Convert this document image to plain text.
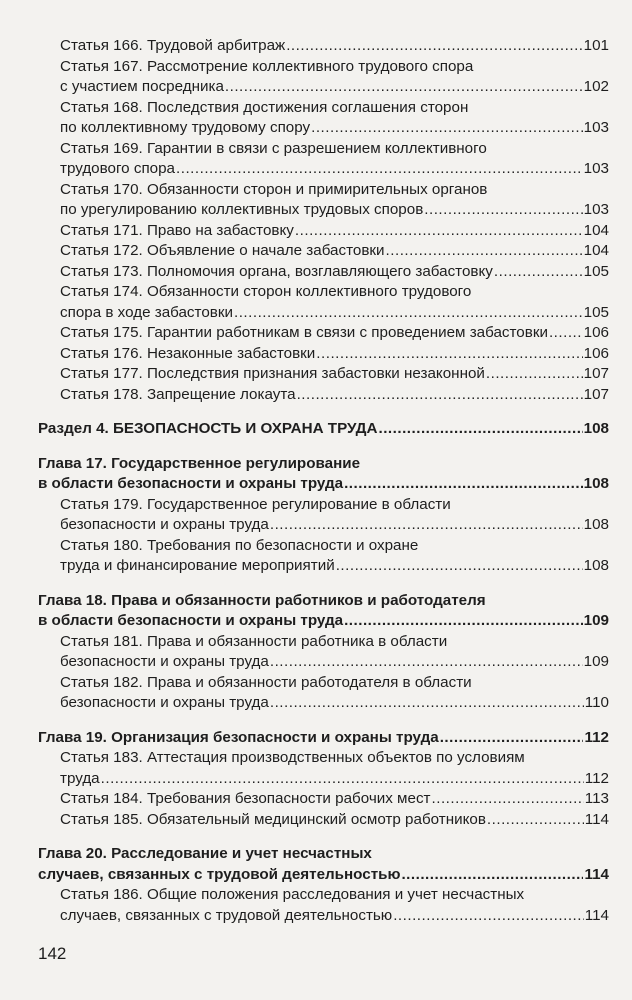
Статья 166. Трудовой арбитраж .....	101
Статья 167. Рассмотрение коллективного трудового спора
с участием посредника .....	102
Статья 168. Последствия достижения соглашения сторон
по коллективному трудовому спору .....	103
Статья 169. Гарантии в связи с разрешением коллективного
трудового спора .....	103
Статья 170. Обязанности сторон и примирительных органов
по урегулированию коллективных трудовых споров .....	103
Статья 171. Право на забастовку .....	104
Статья 172. Объявление о начале забастовки .....	104
Статья 173. Полномочия органа, возглавляющего забастовку .....	105
Статья 174. Обязанности сторон коллективного трудового
спора в ходе забастовки .....	105
Статья 175. Гарантии работникам в связи с проведением забастовки ..... 106
Статья 176. Незаконные забастовки .....	106
Статья 177. Последствия признания забастовки незаконной .....	107
Статья 178. Запрещение локаута .....	107
Раздел 4. БЕЗОПАСНОСТЬ И ОХРАНА ТРУДА .....	108
Глава 17. Государственное регулирование
в области безопасности и охраны труда .....	108
Статья 179. Государственное регулирование в области
безопасности и охраны труда .....	108
Статья 180. Требования по безопасности и охране
труда и финансирование мероприятий .....	108
Глава 18. Права и обязанности работников и работодателя
в области безопасности и охраны труда .....	109
Статья 181. Права и обязанности работника в области
безопасности и охраны труда .....	109
Статья 182. Права и обязанности работодателя в области
безопасности и охраны труда .....	110
Глава 19. Организация безопасности и охраны труда .....	112
Статья 183. Аттестация производственных объектов по условиям
труда .....	112
Статья 184. Требования безопасности рабочих мест .....	113
Статья 185. Обязательный медицинский осмотр работников .....	114
Глава 20. Расследование и учет несчастных
случаев, связанных с трудовой деятельностью .....	114
Статья 186. Общие положения расследования и учет несчастных
случаев, связанных с трудовой деятельностью .....	114
142
